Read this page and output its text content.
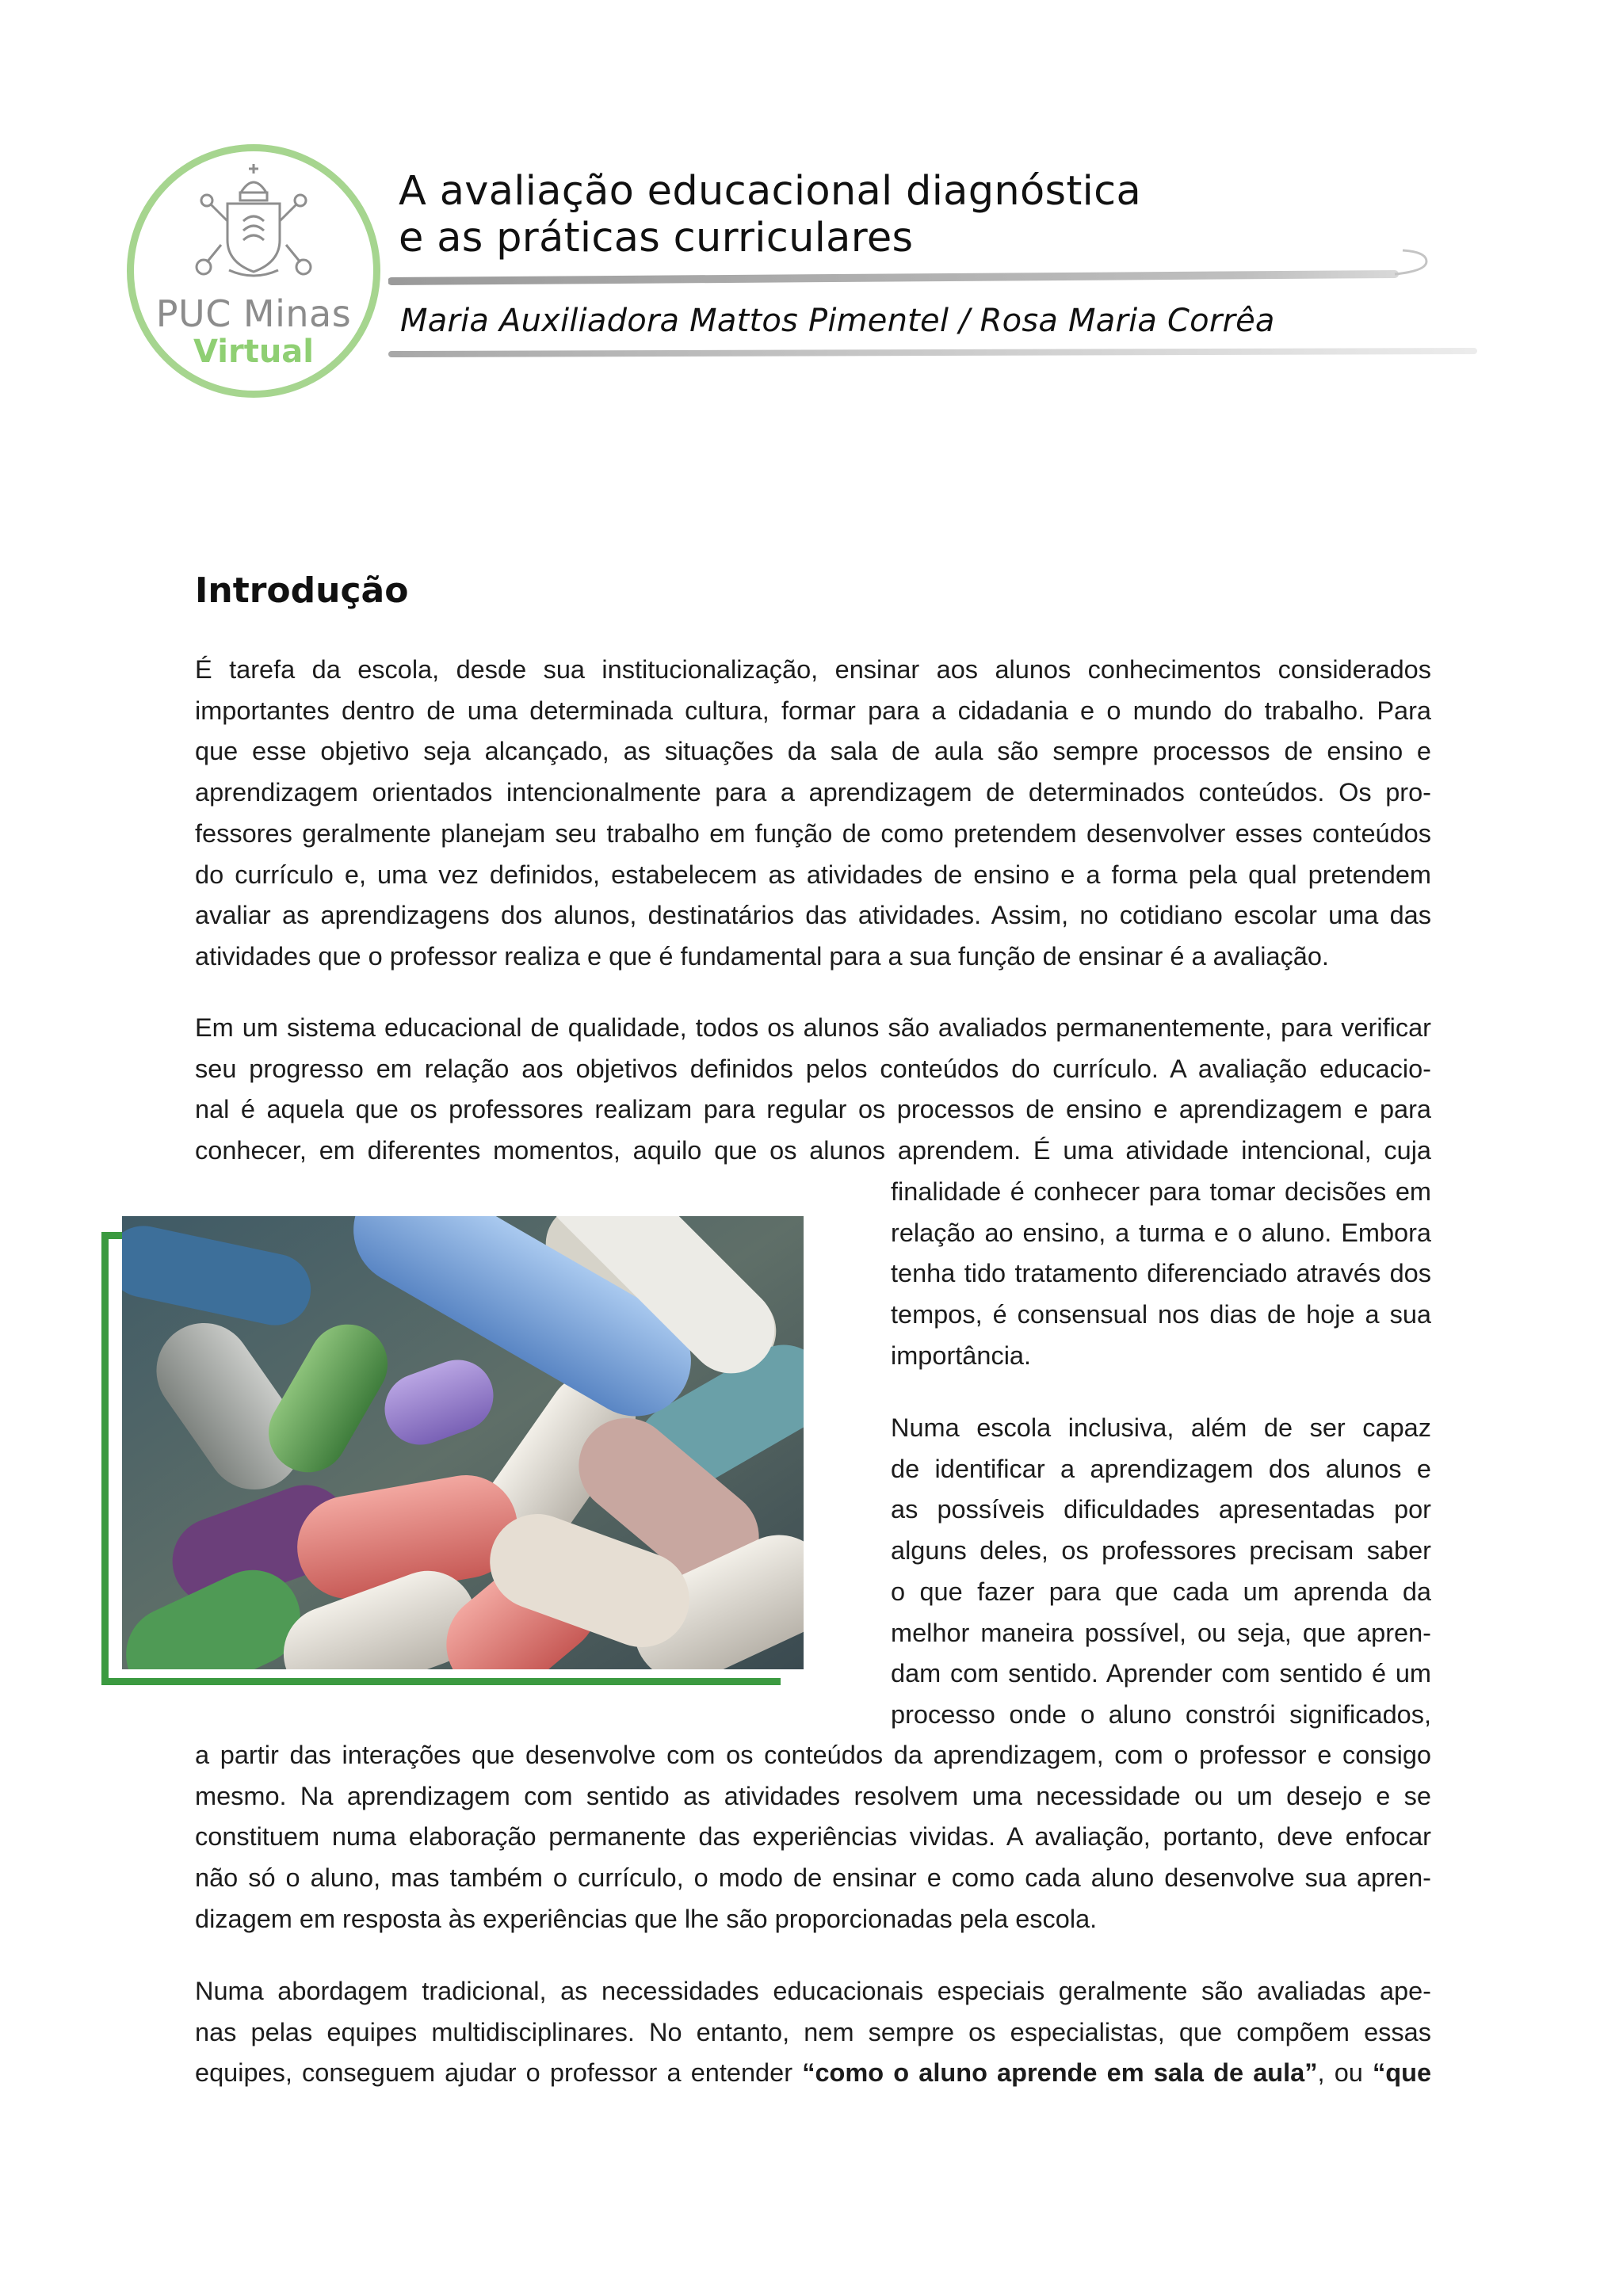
PUC Minas
Virtual
A avaliação educacional diagnóstica
e as práticas curriculares
Maria Auxiliadora Mattos Pimentel / Rosa Maria Corrêa
Introdução
É tarefa da escola, desde sua institucionalização, ensinar aos alunos conhecimentos considerados
importantes dentro de uma determinada cultura, formar para a cidadania e o mundo do trabalho. Para
que esse objetivo seja alcançado, as situações da sala de aula são sempre processos de ensino e
aprendizagem orientados intencionalmente para a aprendizagem de determinados conteúdos. Os pro-
fessores geralmente planejam seu trabalho em função de como pretendem desenvolver esses conteúdos
do currículo e, uma vez definidos, estabelecem as atividades de ensino e a forma pela qual pretendem
avaliar as aprendizagens dos alunos, destinatários das atividades. Assim, no cotidiano escolar uma das
atividades que o professor realiza e que é fundamental para a sua função de ensinar é a avaliação.
Em um sistema educacional de qualidade, todos os alunos são avaliados permanentemente, para verificar
seu progresso em relação aos objetivos definidos pelos conteúdos do currículo. A avaliação educacio-
nal é aquela que os professores realizam para regular os processos de ensino e aprendizagem e para
conhecer, em diferentes momentos, aquilo que os alunos aprendem. É uma atividade intencional, cuja
finalidade é conhecer para tomar decisões em
relação ao ensino, a turma e o aluno. Embora
tenha tido tratamento diferenciado através dos
tempos, é consensual nos dias de hoje a sua
importância.
Numa escola inclusiva, além de ser capaz
de identificar a aprendizagem dos alunos e
as possíveis dificuldades apresentadas por
alguns deles, os professores precisam saber
o que fazer para que cada um aprenda da
melhor maneira possível, ou seja, que apren-
dam com sentido. Aprender com sentido é um
processo onde o aluno constrói significados,
a partir das interações que desenvolve com os conteúdos da aprendizagem, com o professor e consigo
mesmo. Na aprendizagem com sentido as atividades resolvem uma necessidade ou um desejo e se
constituem numa elaboração permanente das experiências vividas. A avaliação, portanto, deve enfocar
não só o aluno, mas também o currículo, o modo de ensinar e como cada aluno desenvolve sua apren-
dizagem em resposta às experiências que lhe são proporcionadas pela escola.
Numa abordagem tradicional, as necessidades educacionais especiais geralmente são avaliadas ape-
nas pelas equipes multidisciplinares. No entanto, nem sempre os especialistas, que compõem essas
equipes, conseguem ajudar o professor a entender “como o aluno aprende em sala de aula”, ou “que
